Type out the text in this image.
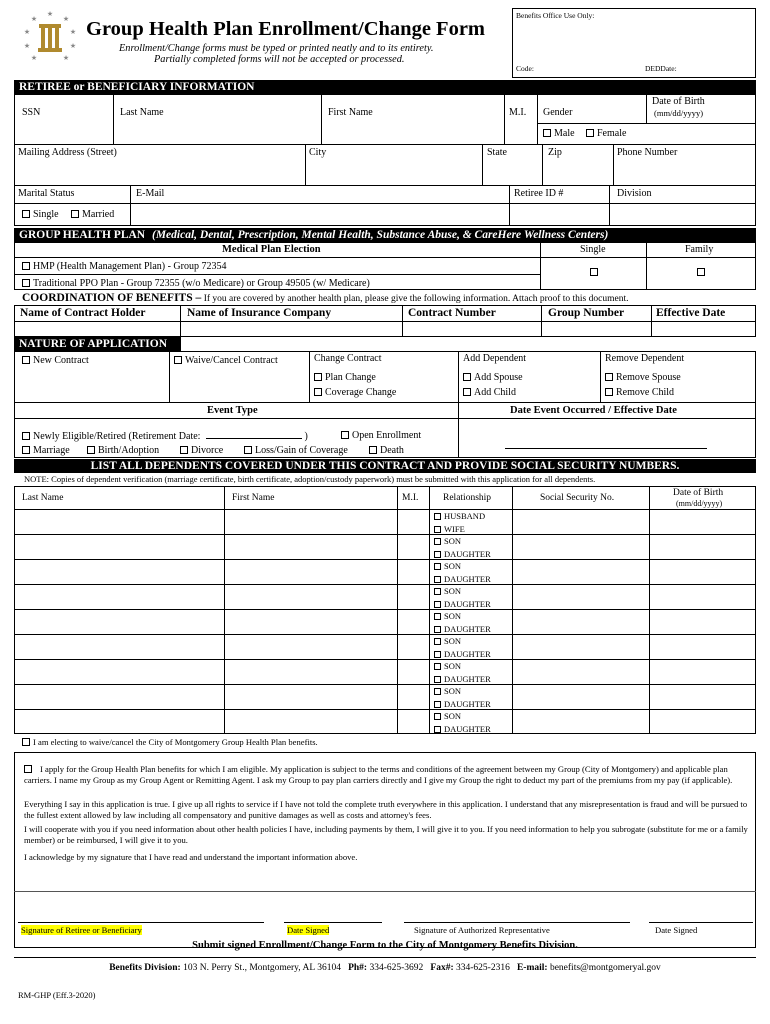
★
★	★
★	★
★	★
★	★
Group Health Plan Enrollment/Change Form
Enrollment/Change forms must be typed or printed neatly and to its entirety.
Partially completed forms will not be accepted or processed.
Benefits Office Use Only:
Code:	DEDDate:
RETIREE or BENEFICIARY INFORMATION
SSN	Last Name	First Name	M.I. Gender
Date of Birth
(mm/dd/yyyy)
Male	Female
Mailing Address (Street)	City	State	Zip	Phone Number
Marital Status	E-Mail	Retiree ID #	Division
Single	Married
GROUP HEALTH PLAN (Medical, Dental, Prescription, Mental Health, Substance Abuse, & CareHere Wellness Centers)
Medical Plan Election	Single	Family
HMP (Health Management Plan) - Group 72354
Traditional PPO Plan - Group 72355 (w/o Medicare) or Group 49505 (w/ Medicare)
COORDINATION OF BENEFITS – If you are covered by another health plan, please give the following information. Attach proof to this document.
Name of Contract Holder	Name of Insurance Company	Contract Number	Group Number	Effective Date
NATURE OF APPLICATION
New Contract	Waive/Cancel Contract	Change Contract
Plan Change
Coverage Change
Add Dependent
Add Spouse
Add Child
Remove Dependent
Remove Spouse
Remove Child
Event Type	Date Event Occurred / Effective Date
Newly Eligible/Retired (Retirement Date:	)	Open Enrollment
Marriage	Birth/Adoption	Divorce	Loss/Gain of Coverage	Death
LIST ALL DEPENDENTS COVERED UNDER THIS CONTRACT AND PROVIDE SOCIAL SECURITY NUMBERS.
NOTE: Copies of dependent verification (marriage certificate, birth certificate, adoption/custody paperwork) must be submitted with this application for all dependents.
Last Name	First Name	M.I.	Relationship	Social Security No.	Date of Birth
(mm/dd/yyyy)
HUSBAND
WIFE
SON
DAUGHTER
SON
DAUGHTER
SON
DAUGHTER
SON
DAUGHTER
SON
DAUGHTER
SON
DAUGHTER
SON
DAUGHTER
SON
DAUGHTER
I am electing to waive/cancel the City of Montgomery Group Health Plan benefits.
I apply for the Group Health Plan benefits for which I am eligible. My application is subject to the terms and conditions of the agreement between my Group (City of Montgomery) and applicable plan carriers. I name my Group as my Group Agent or Remitting Agent. I ask my Group to pay plan carriers directly and I give my Group the right to deduct my part of the premiums from my pay (if applicable).
Everything I say in this application is true. I give up all rights to service if I have not told the complete truth everywhere in this application. I understand that any misrepresentation is fraud and will be pursued to the fullest extent allowed by law including all compensatory and punitive damages as well as costs and attorney's fees.
I will cooperate with you if you need information about other health policies I have, including payments by them, I will give it to you. If you need information to help you subrogate (substitute for me or a family member) or be reimbursed, I will give it to you.
I acknowledge by my signature that I have read and understand the important information above.
Signature of Retiree or Beneficiary	Date Signed	Signature of Authorized Representative	Date Signed
Submit signed Enrollment/Change Form to the City of Montgomery Benefits Division.
Benefits Division: 103 N. Perry St., Montgomery, AL 36104 Ph#: 334-625-3692 Fax#: 334-625-2316 E-mail: benefits@montgomeryal.gov
RM-GHP (Eff.3-2020)
